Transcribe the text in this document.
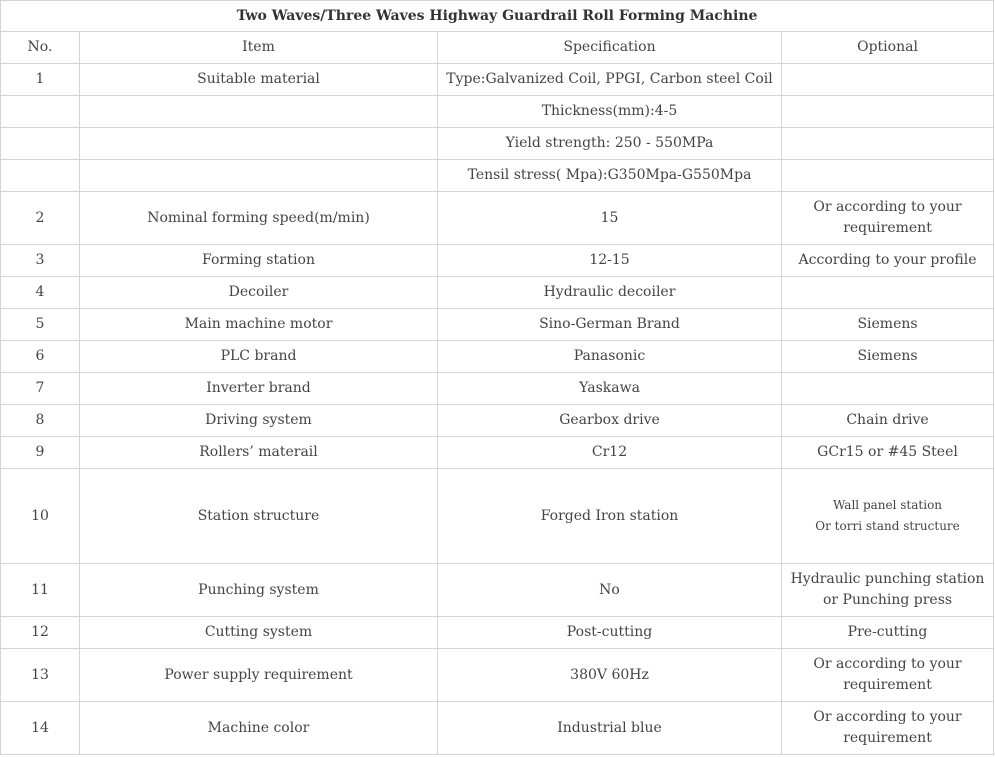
Two Waves/Three Waves Highway Guardrail Roll Forming Machine			
No.	Item	Specification	Optional
1	Suitable material	Type:Galvanized Coil, PPGI, Carbon steel Coil	
		Thickness(mm):4-5	
		Yield strength: 250 - 550MPa	
		Tensil stress( Mpa):G350Mpa-G550Mpa	
2	Nominal forming speed(m/min)	15	Or according to your requirement
3	Forming station	12-15	According to your profile
4	Decoiler	Hydraulic decoiler	
5	Main machine motor	Sino-German Brand	Siemens
6	PLC brand	Panasonic	Siemens
7	Inverter brand	Yaskawa	
8	Driving system	Gearbox drive	Chain drive
9	Rollers’ materail	Cr12	GCr15 or #45 Steel
10	Station structure	Forged Iron station	Wall panel station
Or torri stand structure

11	Punching system	No	Hydraulic punching station or Punching press
12	Cutting system	Post-cutting	Pre-cutting
13	Power supply requirement	380V 60Hz	Or according to your requirement
14	Machine color	Industrial blue	Or according to your requirement
